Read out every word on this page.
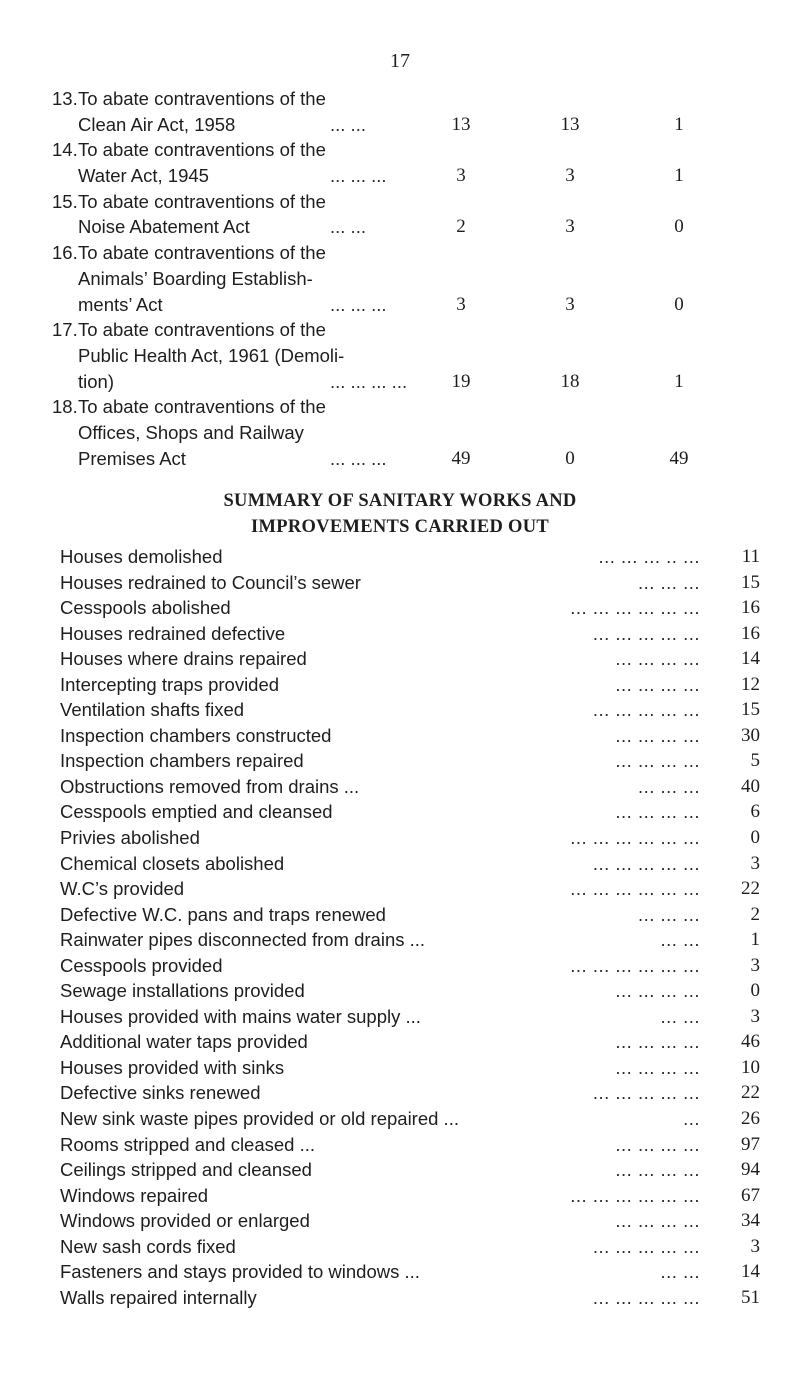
17
13. To abate contraventions of the
Clean Air Act, 1958	... ...	13	13	1
14. To abate contraventions of the
Water Act, 1945	... ... ...	3	3	1
15. To abate contraventions of the
Noise Abatement Act	... ...	2	3	0
16. To abate contraventions of the
Animals’ Boarding Establish-
ments’ Act	... ... ...	3	3	0
17. To abate contraventions of the
Public Health Act, 1961 (Demoli-
tion)	... ... ... ... 19	18	1
18. To abate contraventions of the
Offices, Shops and Railway
Premises Act	... ... ...	49	0	49
SUMMARY OF SANITARY WORKS AND
IMPROVEMENTS CARRIED OUT
... ... ... .. ...
Houses demolished	11
... ... ...
Houses redrained to Council’s sewer	15
... ... ... ... ... ...
Cesspools abolished	16
... ... ... ... ...
Houses redrained defective	16
... ... ... ...
Houses where drains repaired	14
... ... ... ...
Intercepting traps provided	12
... ... ... ... ...
Ventilation shafts fixed	15
... ... ... ...
Inspection chambers constructed	30
... ... ... ...
Inspection chambers repaired	5
... ... ...
Obstructions removed from drains ...	40
... ... ... ...
Cesspools emptied and cleansed	6
... ... ... ... ... ...
Privies abolished	0
... ... ... ... ...
Chemical closets abolished	3
... ... ... ... ... ...
W.C’s provided	22
... ... ...
Defective W.C. pans and traps renewed	2
... ...
Rainwater pipes disconnected from drains ...	1
... ... ... ... ... ...
Cesspools provided	3
... ... ... ...
Sewage installations provided	0
... ...
Houses provided with mains water supply ...	3
... ... ... ...
Additional water taps provided	46
... ... ... ...
Houses provided with sinks	10
... ... ... ... ...
Defective sinks renewed	22
...
New sink waste pipes provided or old repaired ...	26
... ... ... ...
Rooms stripped and cleased ...	97
... ... ... ...
Ceilings stripped and cleansed	94
... ... ... ... ... ...
Windows repaired	67
... ... ... ...
Windows provided or enlarged	34
... ... ... ... ...
New sash cords fixed	3
... ...
Fasteners and stays provided to windows ...	14
... ... ... ... ...
Walls repaired internally	51
